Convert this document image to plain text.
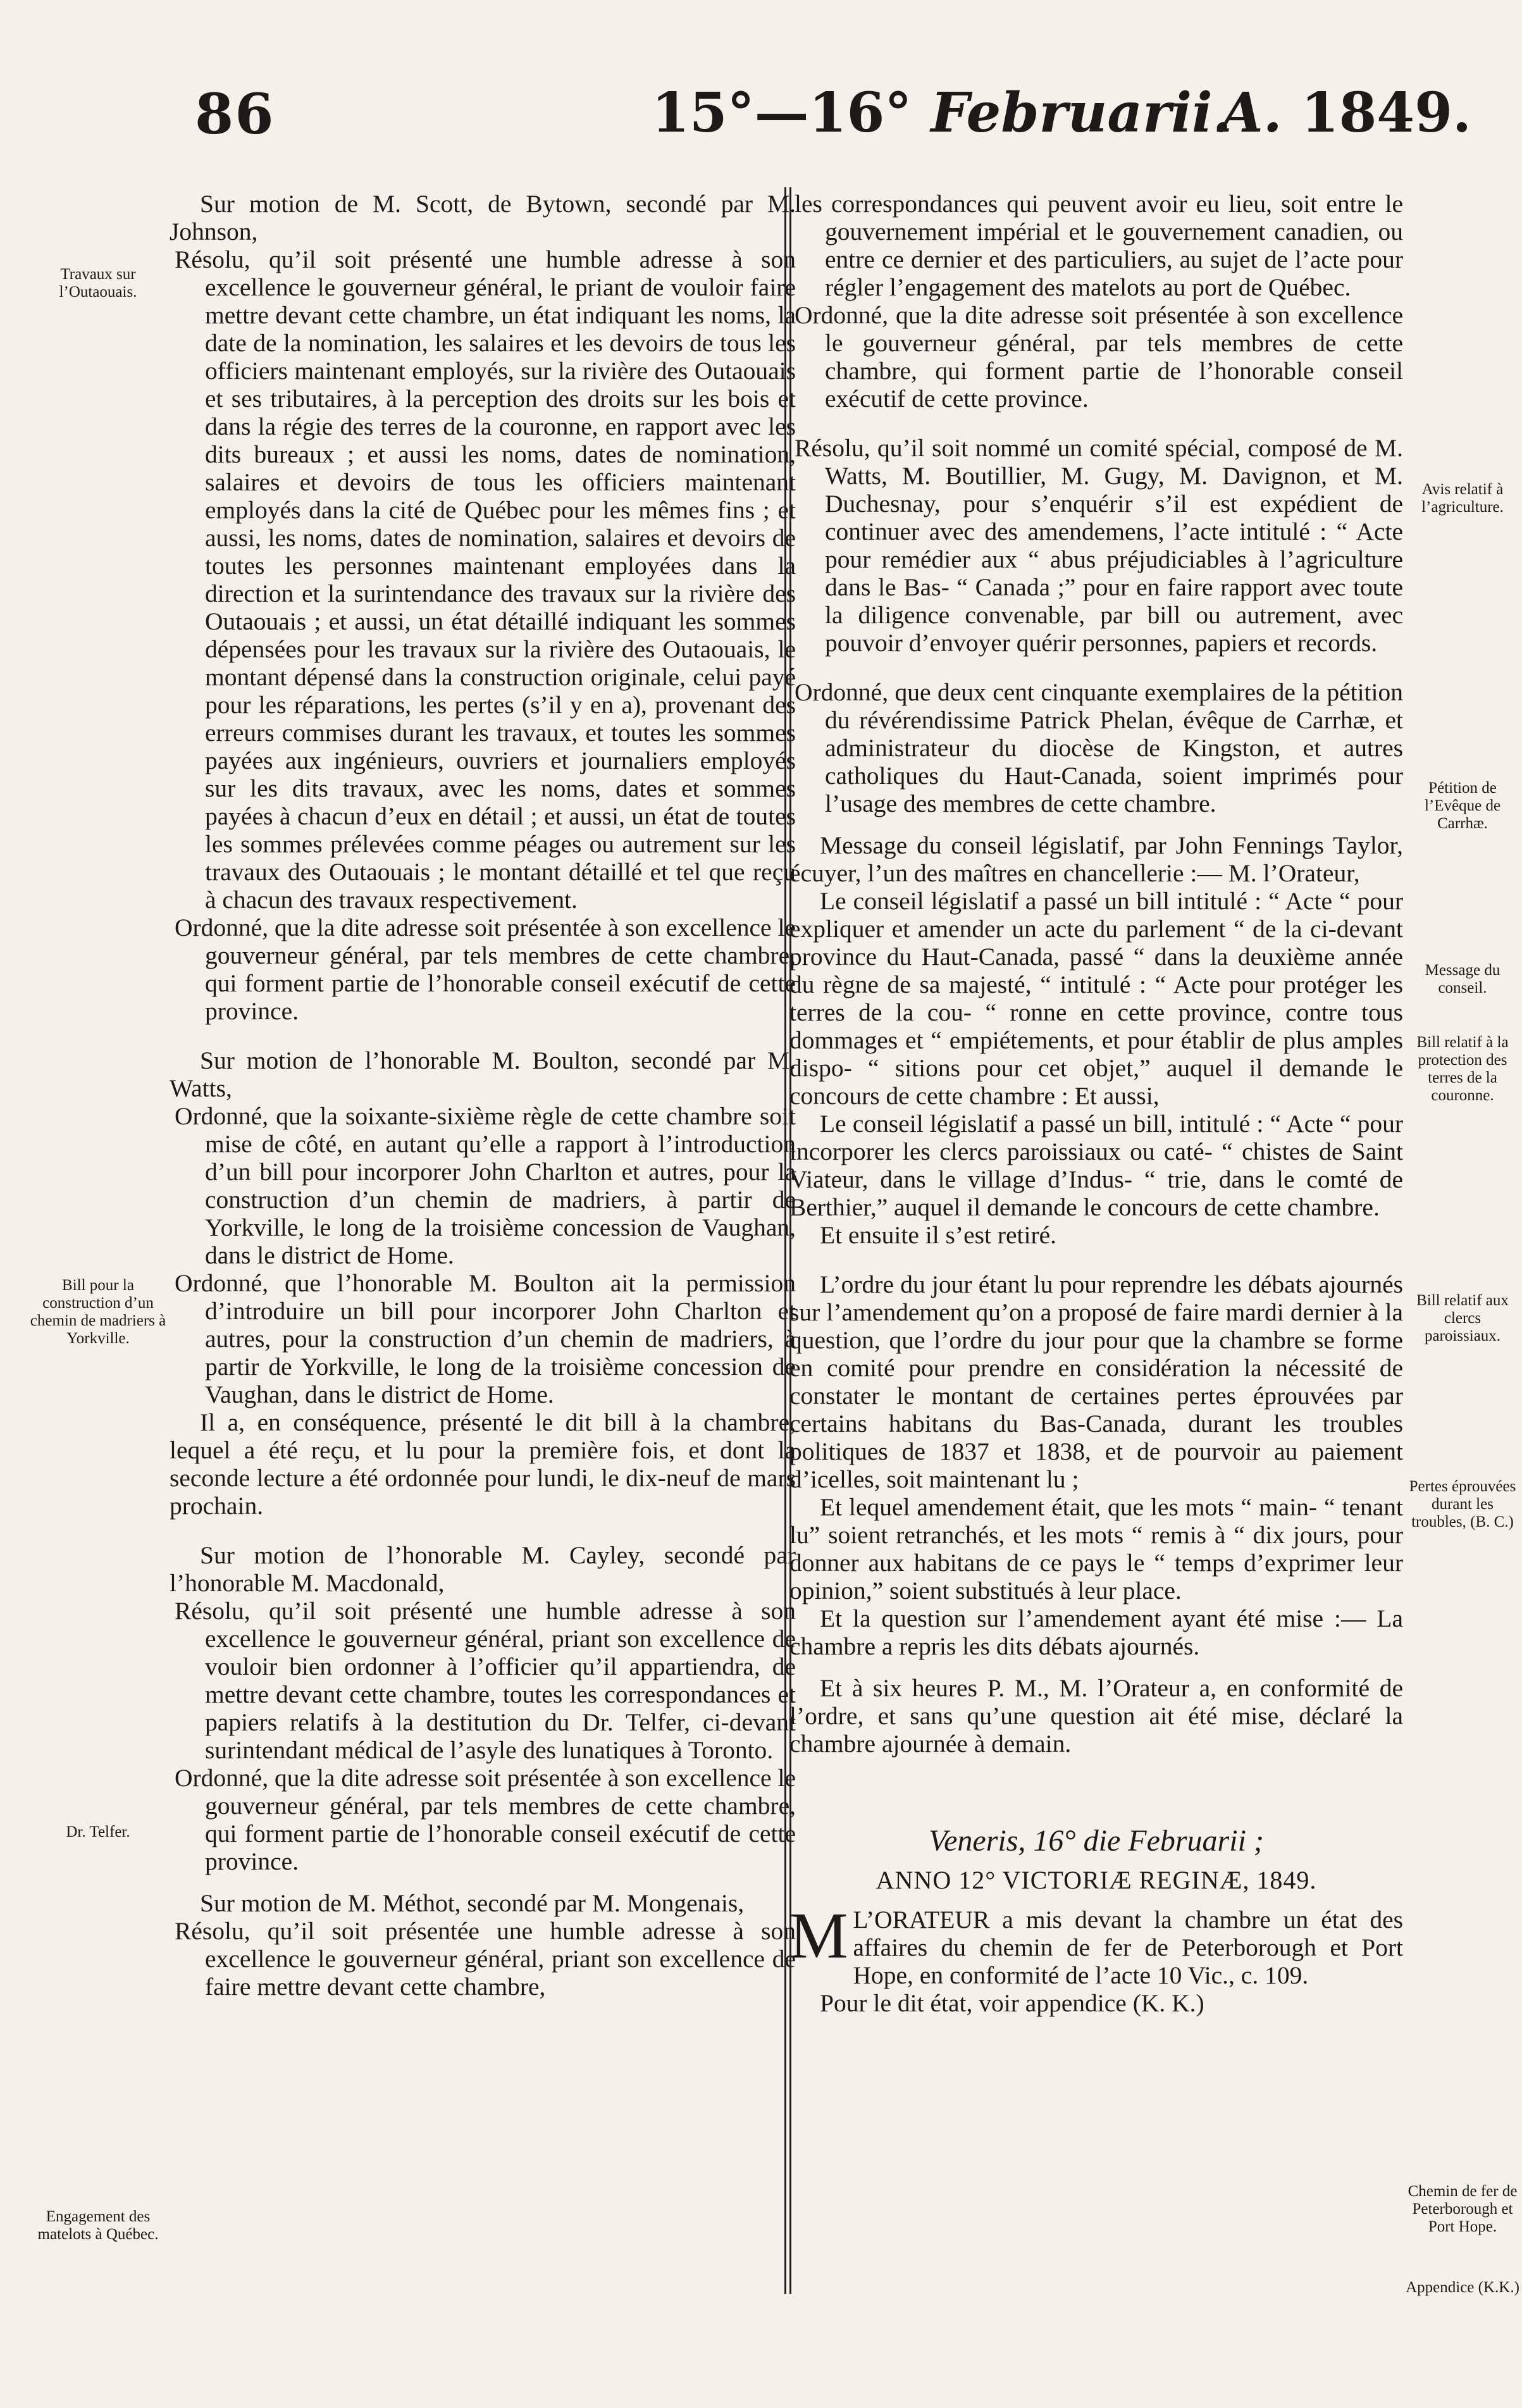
86	15°—16° Februarii.
A. 1849.

Sur motion de M. Scott, de Bytown, secondé par M. Johnson,

Résolu, qu’il soit présenté une humble adresse à son excellence le gouverneur général, le priant de vouloir faire mettre devant cette chambre, un état indiquant les noms, la date de la nomination, les salaires et les devoirs de tous les officiers maintenant employés, sur la rivière des Outaouais et ses tributaires, à la perception des droits sur les bois et dans la régie des terres de la couronne, en rapport avec les dits bureaux ; et aussi les noms, dates de nomination, salaires et devoirs de tous les officiers maintenant employés dans la cité de Québec pour les mêmes fins ; et aussi, les noms, dates de nomination, salaires et devoirs de toutes les personnes maintenant employées dans la direction et la surintendance des travaux sur la rivière des Outaouais ; et aussi, un état détaillé indiquant les sommes dépensées pour les travaux sur la rivière des Outaouais, le montant dépensé dans la construction originale, celui payé pour les réparations, les pertes (s’il y en a), provenant des erreurs commises durant les travaux, et toutes les sommes payées aux ingénieurs, ouvriers et journaliers employés sur les dits travaux, avec les noms, dates et sommes payées à chacun d’eux en détail ; et aussi, un état de toutes les sommes prélevées comme péages ou autrement sur les travaux des Outaouais ; le montant détaillé et tel que reçu à chacun des travaux respectivement.

Ordonné, que la dite adresse soit présentée à son excellence le gouverneur général, par tels membres de cette chambre, qui forment partie de l’honorable conseil exécutif de cette province.

Sur motion de l’honorable M. Boulton, secondé par M. Watts,

Ordonné, que la soixante-sixième règle de cette chambre soit mise de côté, en autant qu’elle a rapport à l’introduction d’un bill pour incorporer John Charlton et autres, pour la construction d’un chemin de madriers, à partir de Yorkville, le long de la troisième concession de Vaughan, dans le district de Home.

Ordonné, que l’honorable M. Boulton ait la permission d’introduire un bill pour incorporer John Charlton et autres, pour la construction d’un chemin de madriers, à partir de Yorkville, le long de la troisième concession de Vaughan, dans le district de Home.

Il a, en conséquence, présenté le dit bill à la chambre, lequel a été reçu, et lu pour la première fois, et dont la seconde lecture a été ordonnée pour lundi, le dix-neuf de mars prochain.

Sur motion de l’honorable M. Cayley, secondé par l’honorable M. Macdonald,

Résolu, qu’il soit présenté une humble adresse à son excellence le gouverneur général, priant son excellence de vouloir bien ordonner à l’officier qu’il appartiendra, de mettre devant cette chambre, toutes les correspondances et papiers relatifs à la destitution du Dr. Telfer, ci-devant surintendant médical de l’asyle des lunatiques à Toronto.

Ordonné, que la dite adresse soit présentée à son excellence le gouverneur général, par tels membres de cette chambre, qui forment partie de l’honorable conseil exécutif de cette province.

Sur motion de M. Méthot, secondé par M. Mongenais,

Résolu, qu’il soit présentée une humble adresse à son excellence le gouverneur général, priant son excellence de faire mettre devant cette chambre,

les correspondances qui peuvent avoir eu lieu, soit entre le gouvernement impérial et le gouvernement canadien, ou entre ce dernier et des particuliers, au sujet de l’acte pour régler l’engagement des matelots au port de Québec.

Ordonné, que la dite adresse soit présentée à son excellence le gouverneur général, par tels membres de cette chambre, qui forment partie de l’honorable conseil exécutif de cette province.

Résolu, qu’il soit nommé un comité spécial, composé de M. Watts, M. Boutillier, M. Gugy, M. Davignon, et M. Duchesnay, pour s’enquérir s’il est expédient de continuer avec des amendemens, l’acte intitulé : “ Acte pour remédier aux “ abus préjudiciables à l’agriculture dans le Bas- “ Canada ;” pour en faire rapport avec toute la diligence convenable, par bill ou autrement, avec pouvoir d’envoyer quérir personnes, papiers et records.

Ordonné, que deux cent cinquante exemplaires de la pétition du révérendissime Patrick Phelan, évêque de Carrhæ, et administrateur du diocèse de Kingston, et autres catholiques du Haut-Canada, soient imprimés pour l’usage des membres de cette chambre.

Message du conseil législatif, par John Fennings Taylor, écuyer, l’un des maîtres en chancellerie :— M. l’Orateur,

Le conseil législatif a passé un bill intitulé : “ Acte “ pour expliquer et amender un acte du parlement “ de la ci-devant province du Haut-Canada, passé “ dans la deuxième année du règne de sa majesté, “ intitulé : “ Acte pour protéger les terres de la cou- “ ronne en cette province, contre tous dommages et “ empiétements, et pour établir de plus amples dispo- “ sitions pour cet objet,” auquel il demande le concours de cette chambre : Et aussi,

Le conseil législatif a passé un bill, intitulé : “ Acte “ pour incorporer les clercs paroissiaux ou caté- “ chistes de Saint Viateur, dans le village d’Indus- “ trie, dans le comté de Berthier,” auquel il demande le concours de cette chambre.

Et ensuite il s’est retiré.

L’ordre du jour étant lu pour reprendre les débats ajournés sur l’amendement qu’on a proposé de faire mardi dernier à la question, que l’ordre du jour pour que la chambre se forme en comité pour prendre en considération la nécessité de constater le montant de certaines pertes éprouvées par certains habitans du Bas-Canada, durant les troubles politiques de 1837 et 1838, et de pourvoir au paiement d’icelles, soit maintenant lu ;

Et lequel amendement était, que les mots “ main- “ tenant lu” soient retranchés, et les mots “ remis à “ dix jours, pour donner aux habitans de ce pays le “ temps d’exprimer leur opinion,” soient substitués à leur place.

Et la question sur l’amendement ayant été mise :— La chambre a repris les dits débats ajournés.

Et à six heures P. M., M. l’Orateur a, en conformité de l’ordre, et sans qu’une question ait été mise, déclaré la chambre ajournée à demain.

Veneris, 16° die Februarii ;
ANNO 12° VICTORIÆ REGINÆ, 1849.

M L’ORATEUR a mis devant la chambre un état des affaires du chemin de fer de Peterborough et Port Hope, en conformité de l’acte 10 Vic., c. 109.

Pour le dit état, voir appendice (K. K.)

Travaux sur l’Outaouais.
Bill pour la construction d’un chemin de madriers à Yorkville.
Dr. Telfer.
Engagement des matelots à Québec.
Avis relatif à l’agriculture.
Pétition de l’Evêque de Carrhæ.
Message du conseil.
Bill relatif à la protection des terres de la couronne.
Bill relatif aux clercs paroissiaux.
Pertes éprouvées durant les troubles, (B. C.)
Chemin de fer de Peterborough et Port Hope.
Appendice (K.K.)
